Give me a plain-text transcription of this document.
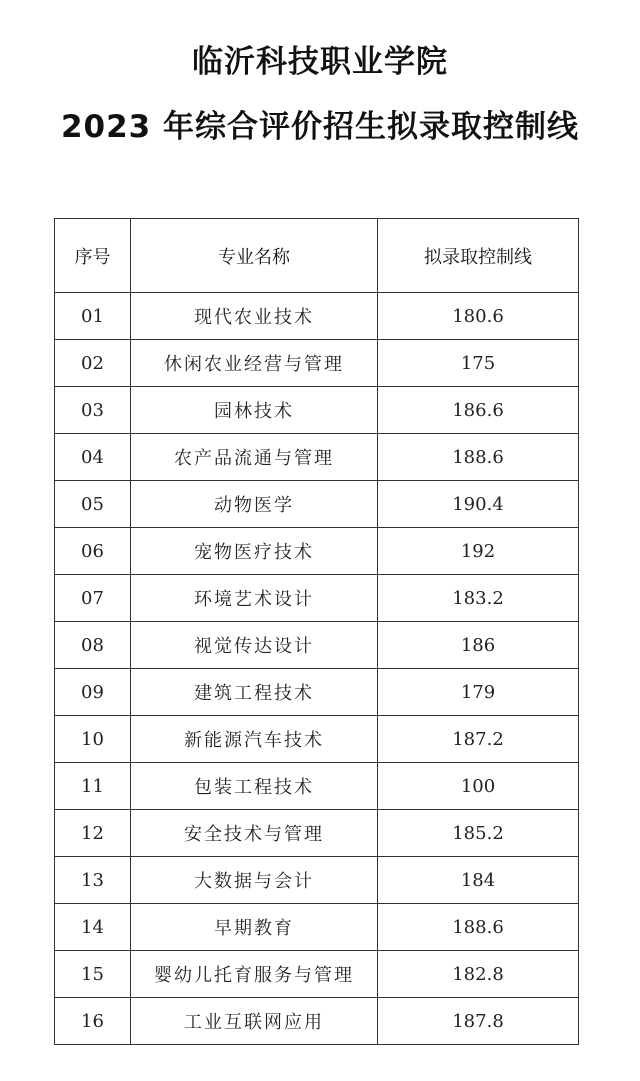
临沂科技职业学院
2023 年综合评价招生拟录取控制线
序号	专业名称	拟录取控制线
01	现代农业技术	180.6
02	休闲农业经营与管理	175
03	园林技术	186.6
04	农产品流通与管理	188.6
05	动物医学	190.4
06	宠物医疗技术	192
07	环境艺术设计	183.2
08	视觉传达设计	186
09	建筑工程技术	179
10	新能源汽车技术	187.2
11	包装工程技术	100
12	安全技术与管理	185.2
13	大数据与会计	184
14	早期教育	188.6
15	婴幼儿托育服务与管理	182.8
16	工业互联网应用	187.8
